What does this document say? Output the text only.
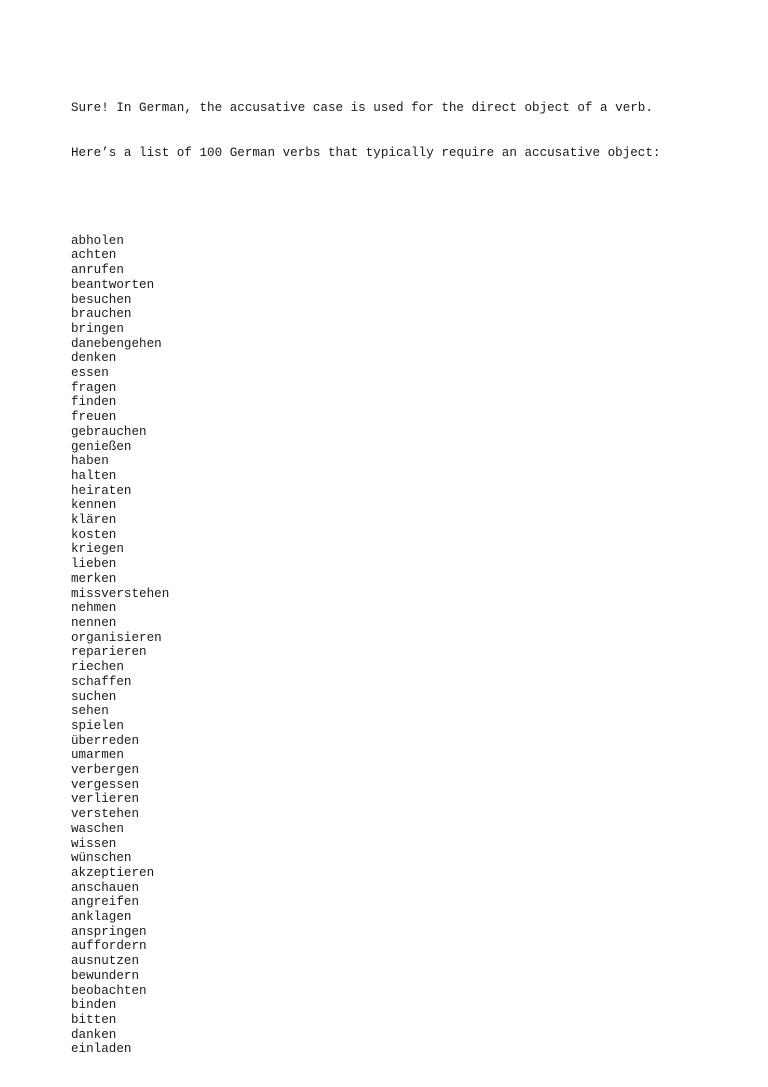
Sure! In German, the accusative case is used for the direct object of a verb.

Here’s a list of 100 German verbs that typically require an accusative object:

abholen
achten
anrufen
beantworten
besuchen
brauchen
bringen
danebengehen
denken
essen
fragen
finden
freuen
gebrauchen
genießen
haben
halten
heiraten
kennen
klären
kosten
kriegen
lieben
merken
missverstehen
nehmen
nennen
organisieren
reparieren
riechen
schaffen
suchen
sehen
spielen
überreden
umarmen
verbergen
vergessen
verlieren
verstehen
waschen
wissen
wünschen
akzeptieren
anschauen
angreifen
anklagen
anspringen
auffordern
ausnutzen
bewundern
beobachten
binden
bitten
danken
einladen
